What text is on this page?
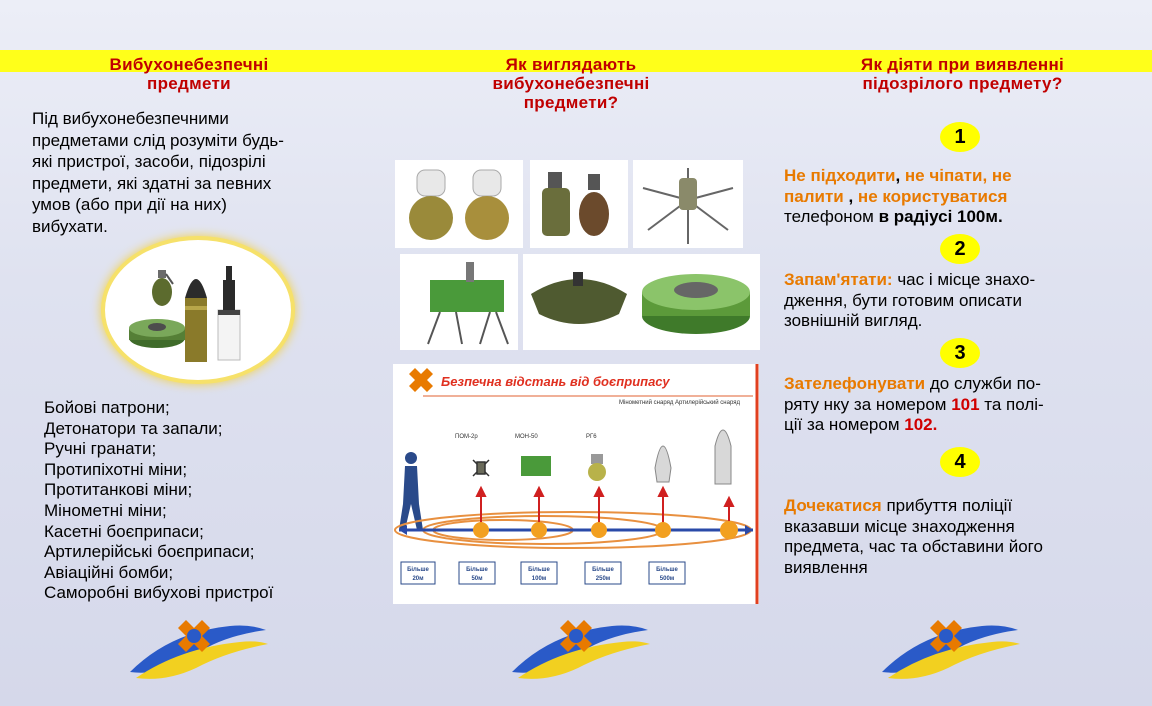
Вибухонебезпечні
предмети
Як виглядають
вибухонебезпечні
предмети?
Як діяти при виявленні
підозрілого предмету?
Під вибухонебезпечними
предметами слід розуміти будь-
які пристрої, засоби, підозрілі
предмети, які здатні за певних
умов (або при дії на них)
вибухати.
Бойові патрони;
Детонатори та запали;
Ручні гранати;
Протипіхотні міни;
Протитанкові міни;
Міномeтні міни;
Касетні боєприпаси;
Артилерійські боєприпаси;
Авіаційні бомби;
Саморобні вибухові пристрої
Безпечна відстань від боєприпасу
ПОМ-2р	МОН-50	РГ6
Мінометний снаряд Артилерійський снаряд
Більше
20м
Більше
50м
Більше
100м
Більше
250м
Більше
500м
1
Не підходити, не чіпати, не
палити , не користуватися
телефоном в радіусі 100м.
2
Запам'ятати: час і місце знахо-
дження, бути готовим описати
зовнішній вигляд.
3
Зателефонувати до служби по-
ряту нку за номером 101 та полі-
ції за номером 102.
4
Дочекатися прибуття поліції
вказавши місце знаходження
предмета, час та обставини його
виявлення
